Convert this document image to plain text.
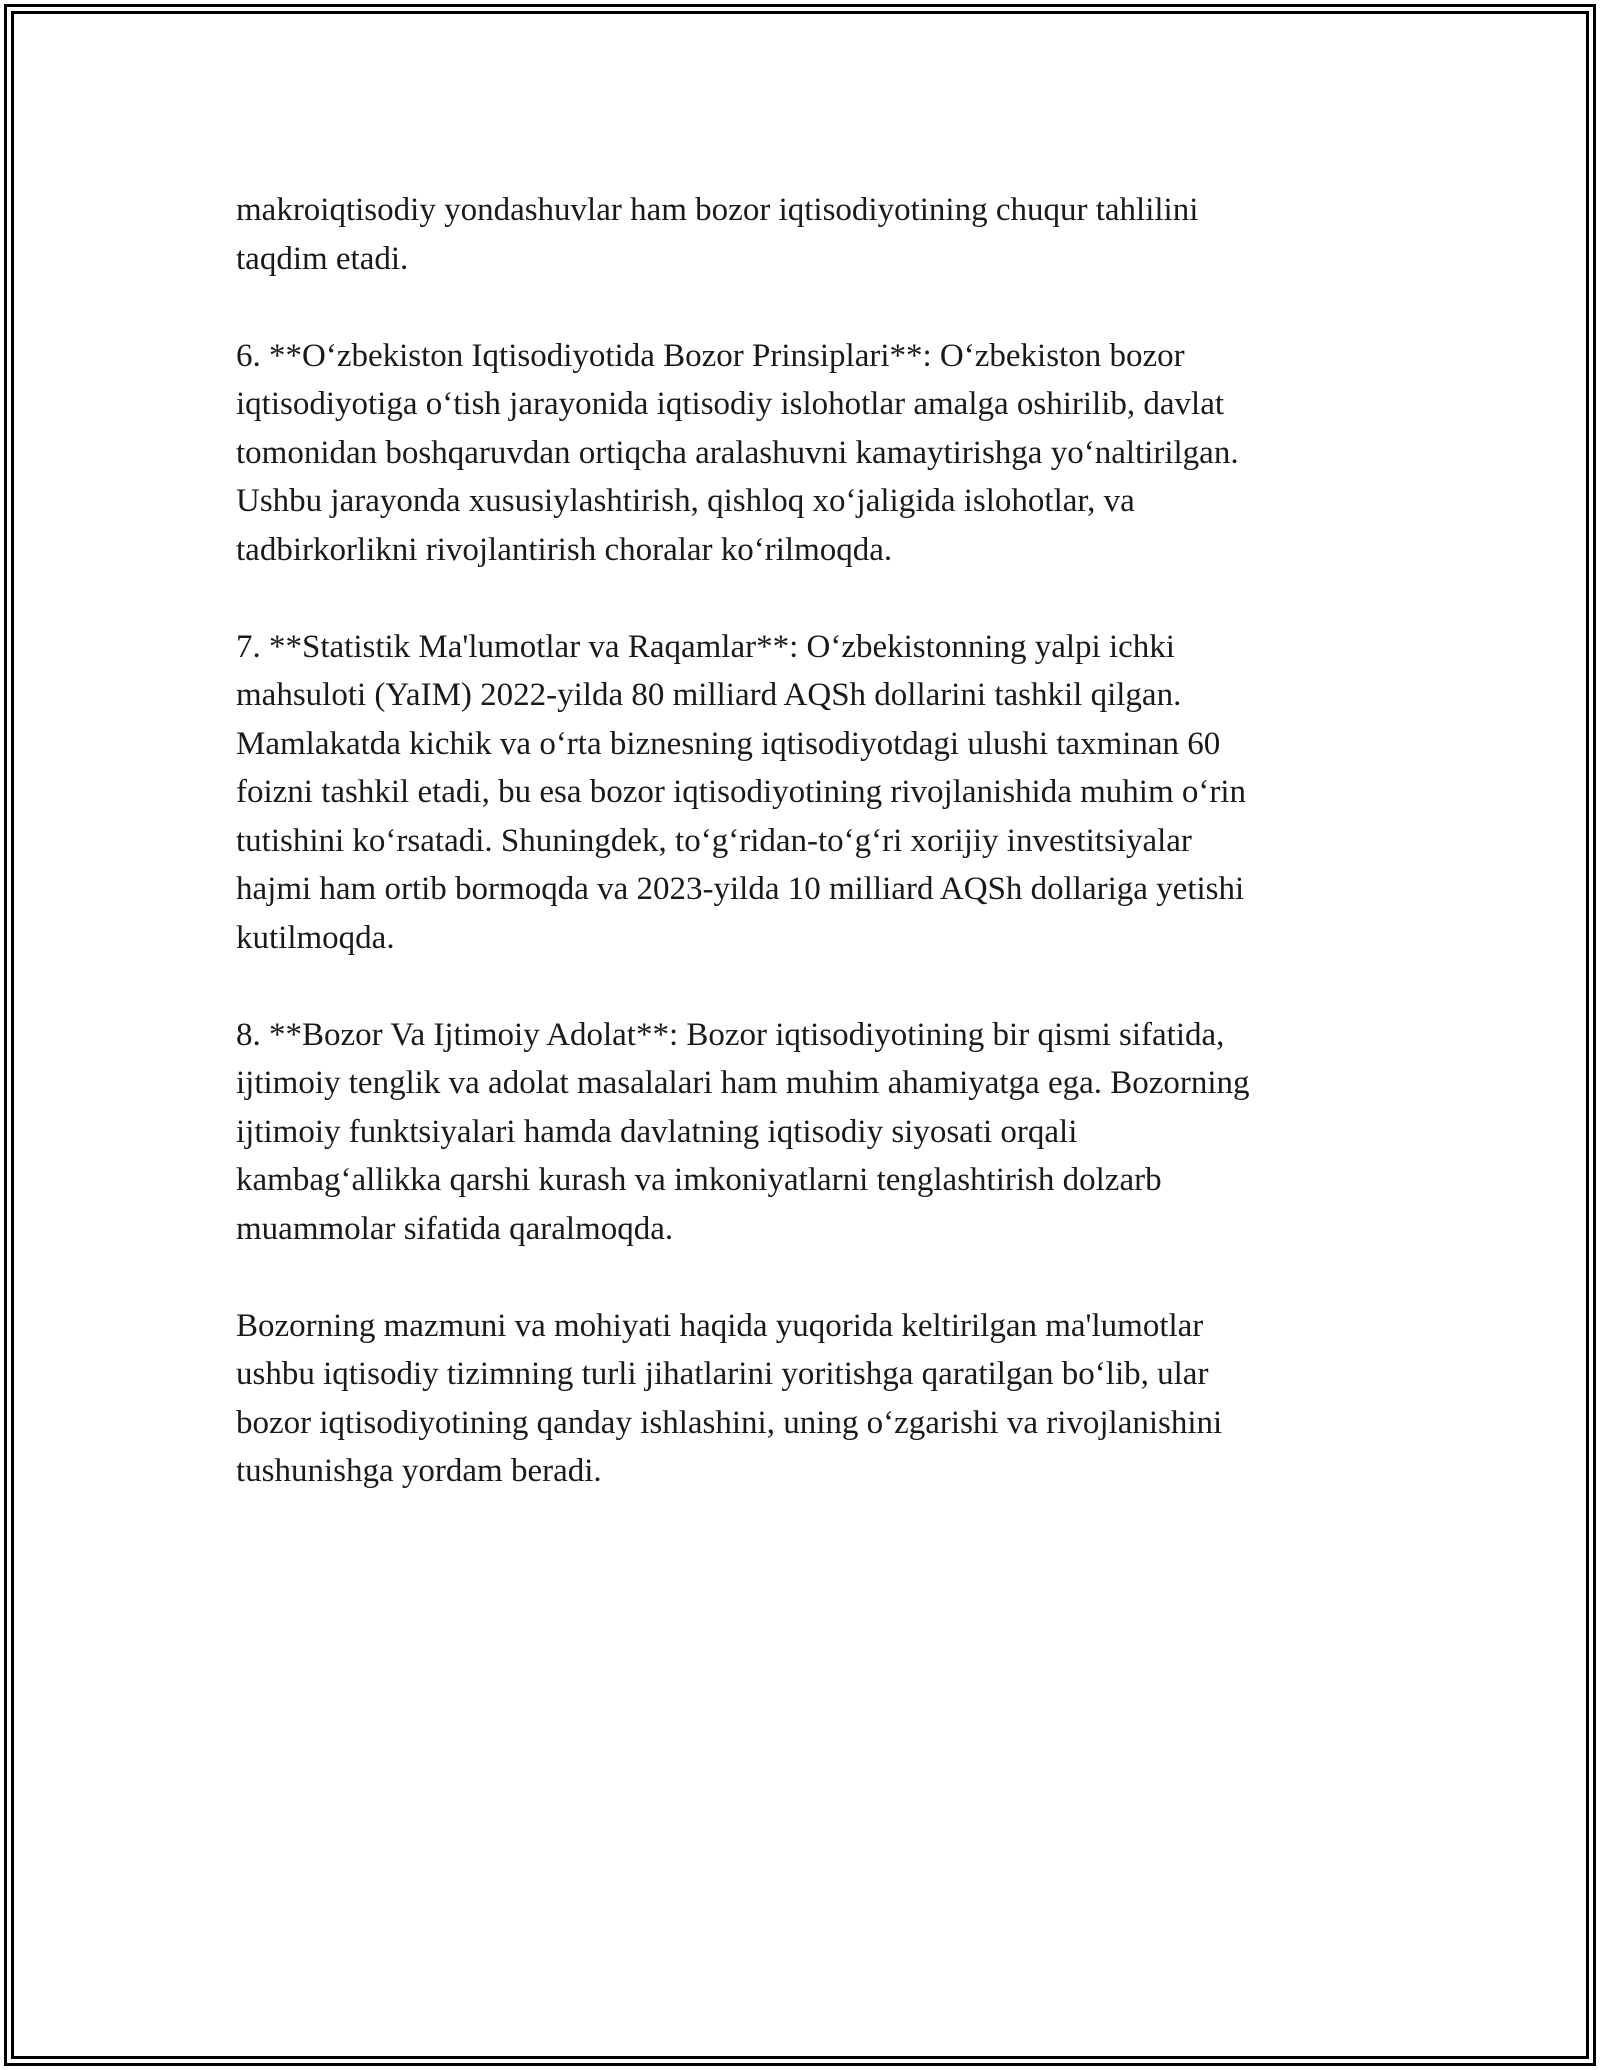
makroiqtisodiy yondashuvlar ham bozor iqtisodiyotining chuqur tahlilini
taqdim etadi.

6. **Oʻzbekiston Iqtisodiyotida Bozor Prinsiplari**: Oʻzbekiston bozor
iqtisodiyotiga oʻtish jarayonida iqtisodiy islohotlar amalga oshirilib, davlat
tomonidan boshqaruvdan ortiqcha aralashuvni kamaytirishga yoʻnaltirilgan.
Ushbu jarayonda xususiylashtirish, qishloq xoʻjaligida islohotlar, va
tadbirkorlikni rivojlantirish choralar koʻrilmoqda.

7. **Statistik Ma'lumotlar va Raqamlar**: Oʻzbekistonning yalpi ichki
mahsuloti (YaIM) 2022-yilda 80 milliard AQSh dollarini tashkil qilgan.
Mamlakatda kichik va oʻrta biznesning iqtisodiyotdagi ulushi taxminan 60
foizni tashkil etadi, bu esa bozor iqtisodiyotining rivojlanishida muhim oʻrin
tutishini koʻrsatadi. Shuningdek, toʻgʻridan-toʻgʻri xorijiy investitsiyalar
hajmi ham ortib bormoqda va 2023-yilda 10 milliard AQSh dollariga yetishi
kutilmoqda.

8. **Bozor Va Ijtimoiy Adolat**: Bozor iqtisodiyotining bir qismi sifatida,
ijtimoiy tenglik va adolat masalalari ham muhim ahamiyatga ega. Bozorning
ijtimoiy funktsiyalari hamda davlatning iqtisodiy siyosati orqali
kambagʻallikka qarshi kurash va imkoniyatlarni tenglashtirish dolzarb
muammolar sifatida qaralmoqda.

Bozorning mazmuni va mohiyati haqida yuqorida keltirilgan ma'lumotlar
ushbu iqtisodiy tizimning turli jihatlarini yoritishga qaratilgan boʻlib, ular
bozor iqtisodiyotining qanday ishlashini, uning oʻzgarishi va rivojlanishini
tushunishga yordam beradi.
